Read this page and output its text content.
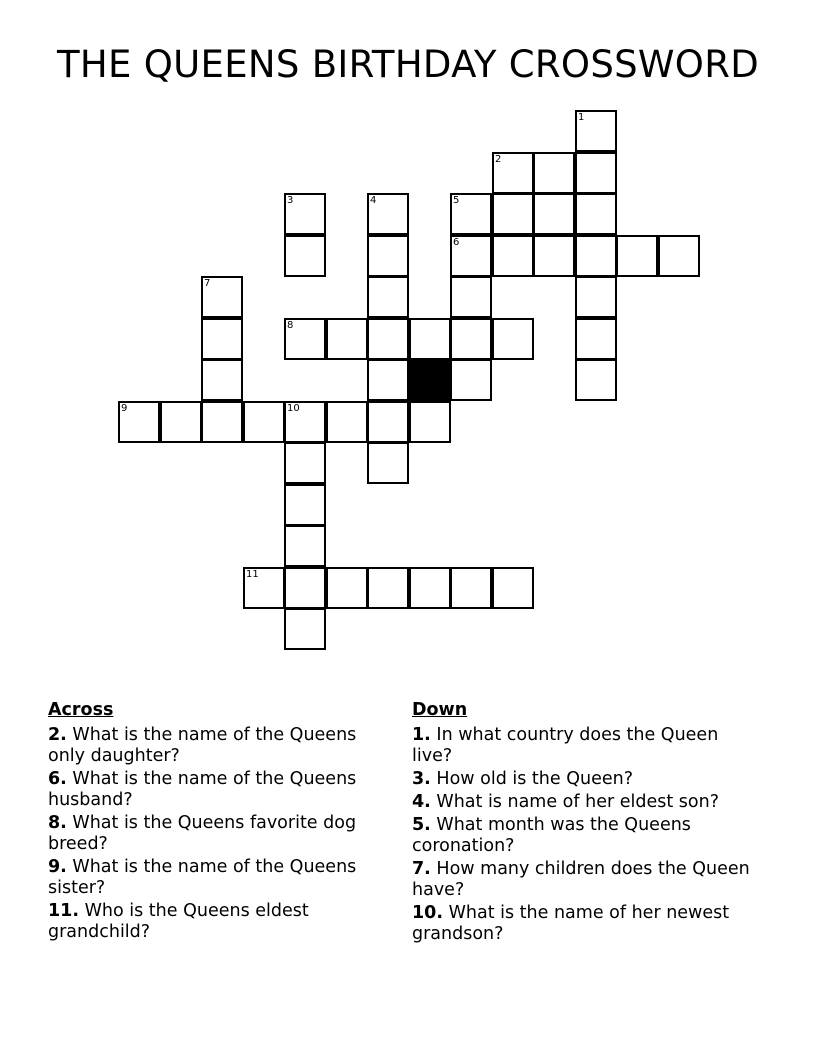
THE QUEENS BIRTHDAY CROSSWORD
1
2
3	4	5
6
7
8
9	10
11
Across
2. What is the name of the Queens only daughter?
6. What is the name of the Queens husband?
8. What is the Queens favorite dog breed?
9. What is the name of the Queens sister?
11. Who is the Queens eldest grandchild?
Down
1. In what country does the Queen live?
3. How old is the Queen?
4. What is name of her eldest son?
5. What month was the Queens coronation?
7. How many children does the Queen have?
10. What is the name of her newest grandson?
